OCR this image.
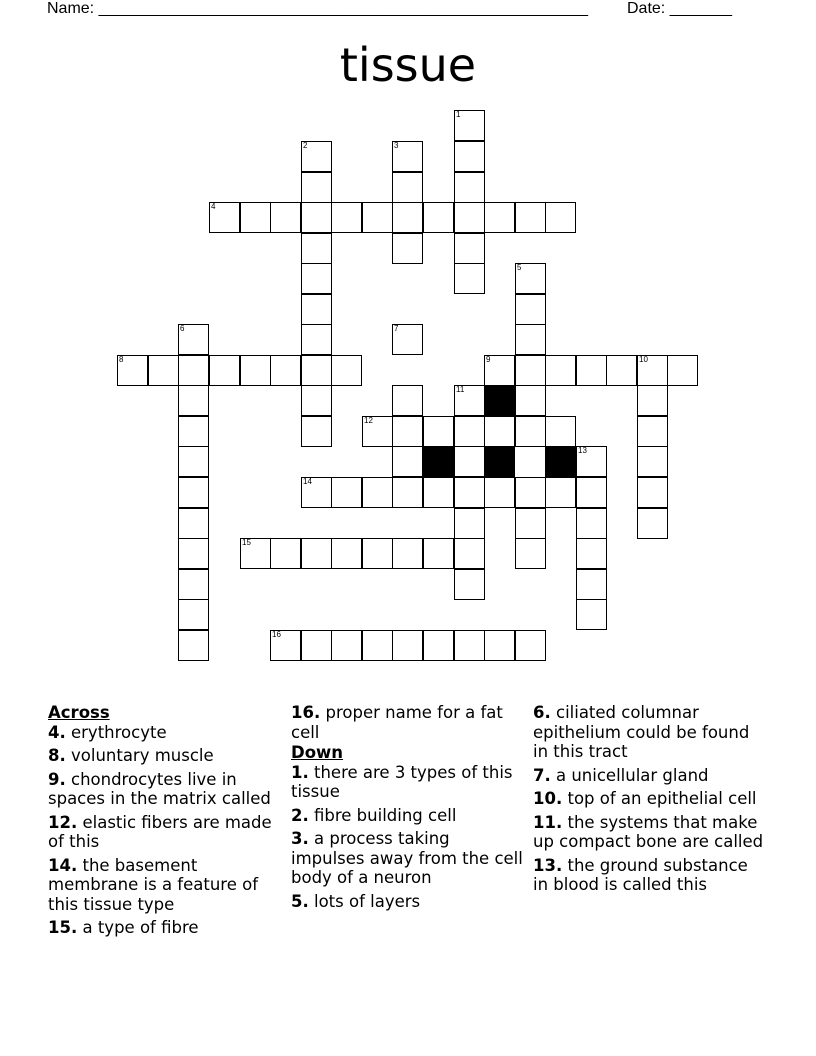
Name: _______________________________________________________ Date: _______
tissue
1
2	3
4
5
6	7
8	9	10
11
12
13
14
15
16
Across
4. erythrocyte
8. voluntary muscle
9. chondrocytes live in spaces in the matrix called
12. elastic fibers are made of this
14. the basement membrane is a feature of this tissue type
15. a type of fibre
16. proper name for a fat cell
Down
1. there are 3 types of this tissue
2. fibre building cell
3. a process taking impulses away from the cell body of a neuron
5. lots of layers
6. ciliated columnar epithelium could be found in this tract
7. a unicellular gland
10. top of an epithelial cell
11. the systems that make up compact bone are called
13. the ground substance in blood is called this
